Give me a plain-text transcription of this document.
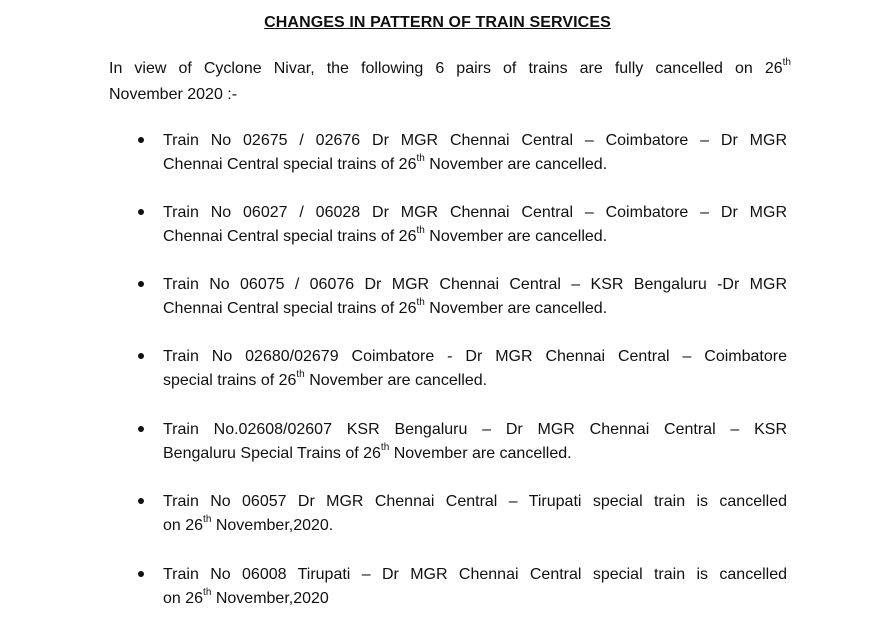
CHANGES IN PATTERN OF TRAIN SERVICES
In view of Cyclone Nivar, the following 6 pairs of trains are fully cancelled on 26th
November 2020 :-
Train No 02675 / 02676 Dr MGR Chennai Central – Coimbatore – Dr MGR
Chennai Central special trains of 26th November are cancelled.
Train No 06027 / 06028 Dr MGR Chennai Central – Coimbatore – Dr MGR
Chennai Central special trains of 26th November are cancelled.
Train No 06075 / 06076 Dr MGR Chennai Central – KSR Bengaluru -Dr MGR
Chennai Central special trains of 26th November are cancelled.
Train No 02680/02679 Coimbatore - Dr MGR Chennai Central – Coimbatore
special trains of 26th November are cancelled.
Train No.02608/02607 KSR Bengaluru – Dr MGR Chennai Central – KSR
Bengaluru Special Trains of 26th November are cancelled.
Train No 06057 Dr MGR Chennai Central – Tirupati special train is cancelled
on 26th November,2020.
Train No 06008 Tirupati – Dr MGR Chennai Central special train is cancelled
on 26th November,2020
